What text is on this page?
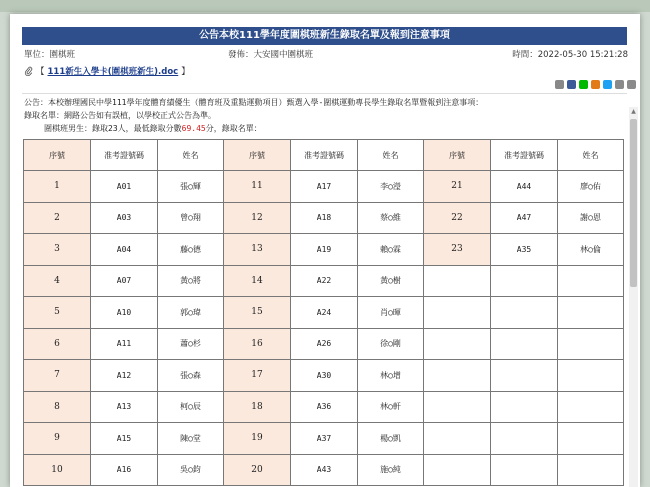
公告本校111學年度圍棋班新生錄取名單及報到注意事項
單位：圍棋班	發佈：大安國中圍棋班	時間：2022-05-30 15:21:28
【 111新生入學卡(圍棋班新生).doc 】
公告：本校辦理國民中學111學年度體育績優生（體育班及重點運動項目）甄選入學-圍棋運動專長學生錄取名單暨報到注意事項：
錄取名單：網路公告如有誤植，以學校正式公告為準。
圍棋班男生：錄取23人，最低錄取分數69.45分，錄取名單：
序號	准考證號碼	姓名	序號	准考證號碼	姓名	序號	准考證號碼	姓名
1	A01	張◯輝	11	A17	李◯瀅	21	A44	廖◯佑
2	A03	曾◯翔	12	A18	蔡◯維	22	A47	謝◯恩
3	A04	藤◯德	13	A19	賴◯霖	23	A35	林◯倫
4	A07	黃◯將	14	A22	黃◯樹			
5	A10	郭◯瑋	15	A24	肖◯暉			
6	A11	蕭◯杉	16	A26	徐◯剛			
7	A12	張◯森	17	A30	林◯增			
8	A13	柯◯辰	18	A36	林◯軒			
9	A15	陳◯堂	19	A37	楊◯凱			
10	A16	吳◯鈞	20	A43	施◯純			
▲
